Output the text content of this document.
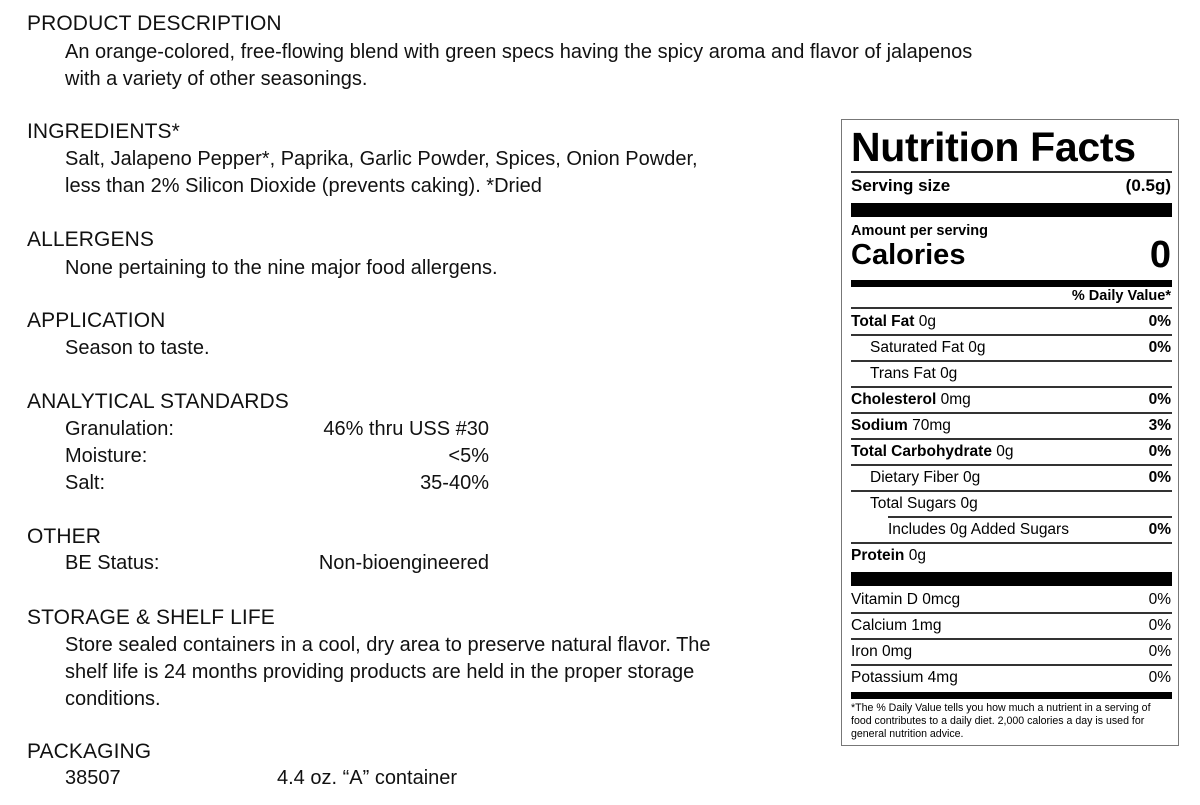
PRODUCT DESCRIPTION
An orange-colored, free-flowing blend with green specs having the spicy aroma and flavor of jalapenos
with a variety of other seasonings.
INGREDIENTS*
Salt, Jalapeno Pepper*, Paprika, Garlic Powder, Spices, Onion Powder,
less than 2% Silicon Dioxide (prevents caking). *Dried
ALLERGENS
None pertaining to the nine major food allergens.
APPLICATION
Season to taste.
ANALYTICAL STANDARDS
Granulation:	46% thru USS #30
Moisture:	<5%
Salt:	35-40%
OTHER
BE Status:	Non-bioengineered
STORAGE & SHELF LIFE
Store sealed containers in a cool, dry area to preserve natural flavor. The
shelf life is 24 months providing products are held in the proper storage
conditions.
PACKAGING
38507	4.4 oz. “A” container
Nutrition Facts
Serving size	(0.5g)
Amount per serving
Calories	0
% Daily Value*
Total Fat 0g	0%
Saturated Fat 0g	0%
Trans Fat 0g
Cholesterol 0mg	0%
Sodium 70mg	3%
Total Carbohydrate 0g	0%
Dietary Fiber 0g	0%
Total Sugars 0g
Includes 0g Added Sugars	0%
Protein 0g
Vitamin D 0mcg	0%
Calcium 1mg	0%
Iron 0mg	0%
Potassium 4mg	0%
*The % Daily Value tells you how much a nutrient in a serving of food contributes to a daily diet. 2,000 calories a day is used for general nutrition advice.
